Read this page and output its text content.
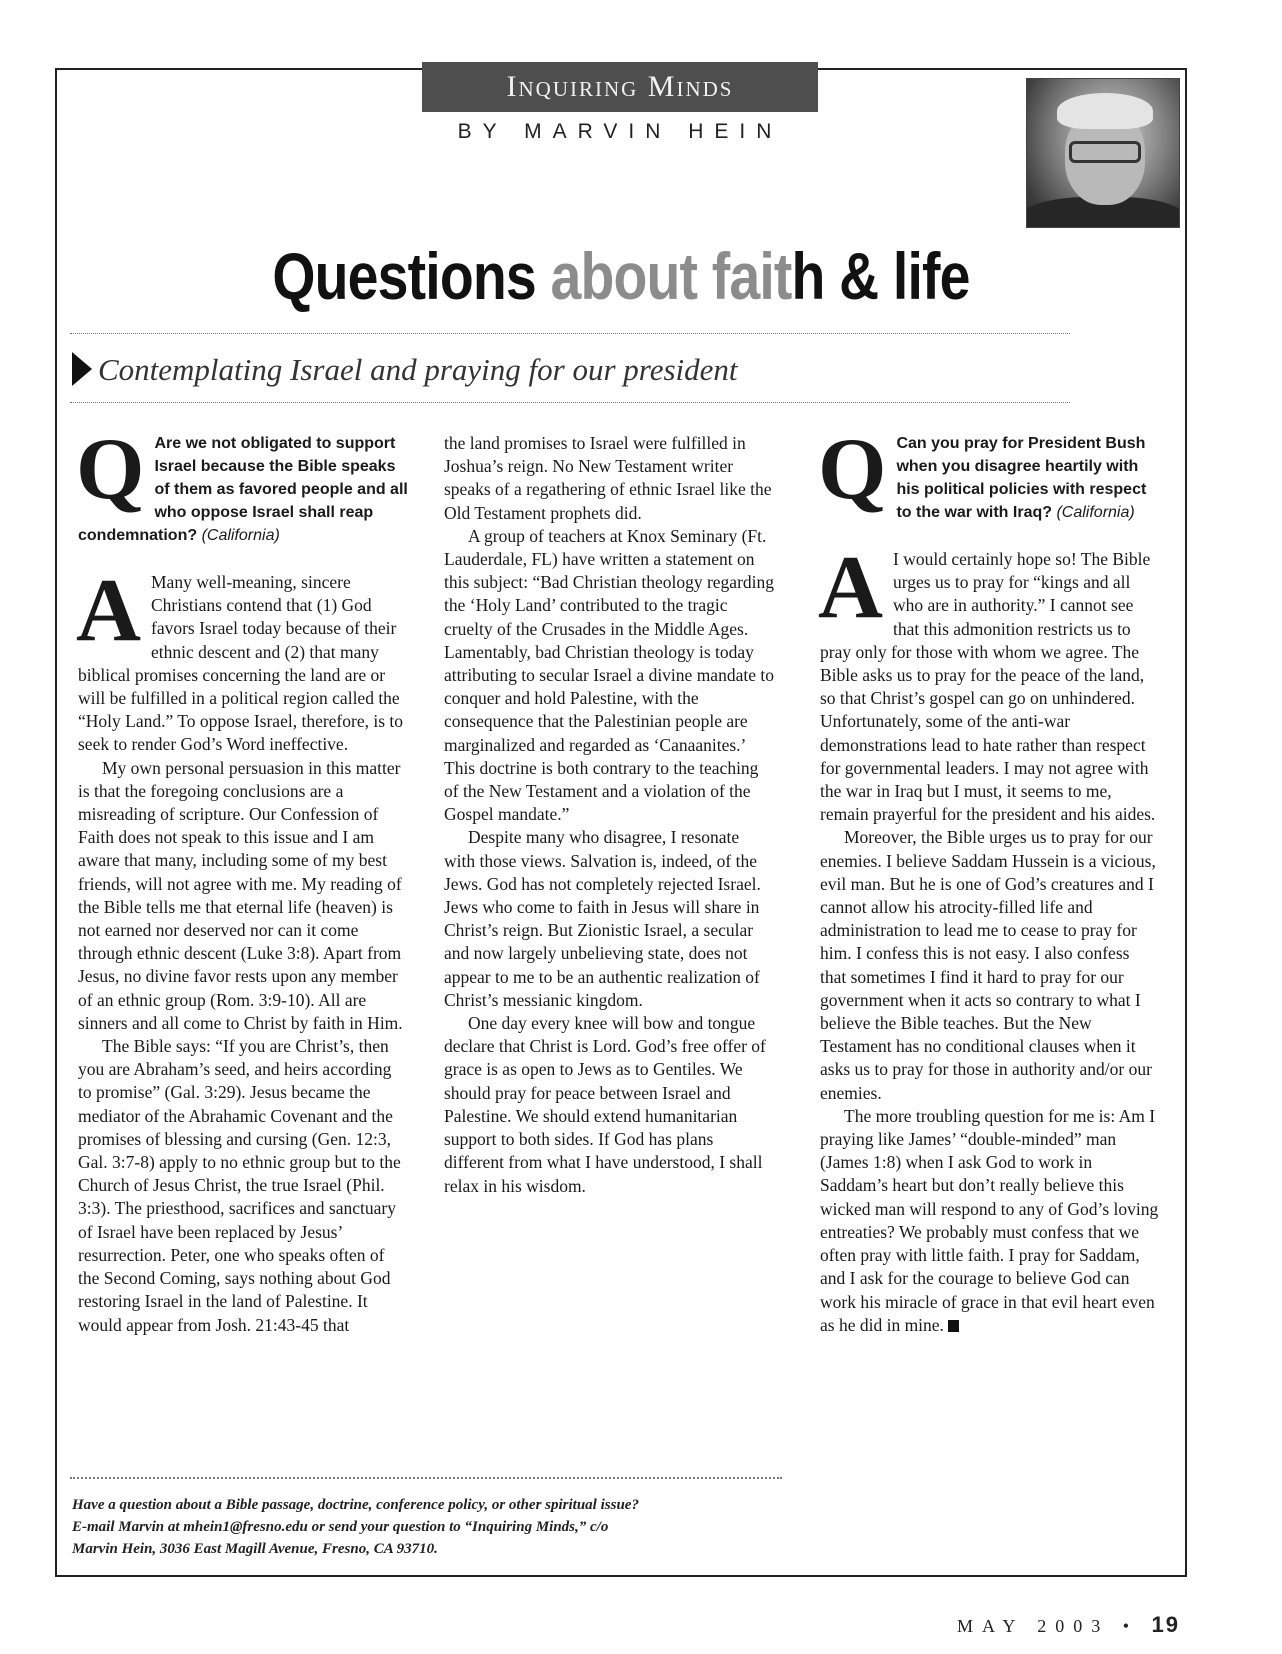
Inquiring Minds
BY MARVIN HEIN
Questions about faith & life
Contemplating Israel and praying for our president
Q Are we not obligated to support Israel because the Bible speaks of them as favored people and all who oppose Israel shall reap condemnation? (California)

A Many well-meaning, sincere Christians contend that (1) God favors Israel today because of their ethnic descent and (2) that many biblical promises concerning the land are or will be fulfilled in a political region called the “Holy Land.” To oppose Israel, therefore, is to seek to render God’s Word ineffective.

My own personal persuasion in this matter is that the foregoing conclusions are a misreading of scripture. Our Confession of Faith does not speak to this issue and I am aware that many, including some of my best friends, will not agree with me. My reading of the Bible tells me that eternal life (heaven) is not earned nor deserved nor can it come through ethnic descent (Luke 3:8). Apart from Jesus, no divine favor rests upon any member of an ethnic group (Rom. 3:9-10). All are sinners and all come to Christ by faith in Him.

The Bible says: “If you are Christ’s, then you are Abraham’s seed, and heirs according to promise” (Gal. 3:29). Jesus became the mediator of the Abrahamic Covenant and the promises of blessing and cursing (Gen. 12:3, Gal. 3:7-8) apply to no ethnic group but to the Church of Jesus Christ, the true Israel (Phil. 3:3). The priesthood, sacrifices and sanctuary of Israel have been replaced by Jesus’ resurrection. Peter, one who speaks often of the Second Coming, says nothing about God restoring Israel in the land of Palestine. It would appear from Josh. 21:43-45 that

the land promises to Israel were fulfilled in Joshua’s reign. No New Testament writer speaks of a regathering of ethnic Israel like the Old Testament prophets did.

A group of teachers at Knox Seminary (Ft. Lauderdale, FL) have written a statement on this subject: “Bad Christian theology regarding the ‘Holy Land’ contributed to the tragic cruelty of the Crusades in the Middle Ages. Lamentably, bad Christian theology is today attributing to secular Israel a divine mandate to conquer and hold Palestine, with the consequence that the Palestinian people are marginalized and regarded as ‘Canaanites.’ This doctrine is both contrary to the teaching of the New Testament and a violation of the Gospel mandate.”

Despite many who disagree, I resonate with those views. Salvation is, indeed, of the Jews. God has not completely rejected Israel. Jews who come to faith in Jesus will share in Christ’s reign. But Zionistic Israel, a secular and now largely unbelieving state, does not appear to me to be an authentic realization of Christ’s messianic kingdom.

One day every knee will bow and tongue declare that Christ is Lord. God’s free offer of grace is as open to Jews as to Gentiles. We should pray for peace between Israel and Palestine. We should extend humanitarian support to both sides. If God has plans different from what I have understood, I shall relax in his wisdom.

Q Can you pray for President Bush when you disagree heartily with his political policies with respect to the war with Iraq? (California)

A I would certainly hope so! The Bible urges us to pray for “kings and all who are in authority.” I cannot see that this admonition restricts us to pray only for those with whom we agree. The Bible asks us to pray for the peace of the land, so that Christ’s gospel can go on unhindered. Unfortunately, some of the anti-war demonstrations lead to hate rather than respect for governmental leaders. I may not agree with the war in Iraq but I must, it seems to me, remain prayerful for the president and his aides.

Moreover, the Bible urges us to pray for our enemies. I believe Saddam Hussein is a vicious, evil man. But he is one of God’s creatures and I cannot allow his atrocity-filled life and administration to lead me to cease to pray for him. I confess this is not easy. I also confess that sometimes I find it hard to pray for our government when it acts so contrary to what I believe the Bible teaches. But the New Testament has no conditional clauses when it asks us to pray for those in authority and/or our enemies.

The more troubling question for me is: Am I praying like James’ “double-minded” man (James 1:8) when I ask God to work in Saddam’s heart but don’t really believe this wicked man will respond to any of God’s loving entreaties? We probably must confess that we often pray with little faith. I pray for Saddam, and I ask for the courage to believe God can work his miracle of grace in that evil heart even as he did in mine.

Have a question about a Bible passage, doctrine, conference policy, or other spiritual issue?
E-mail Marvin at mhein1@fresno.edu or send your question to “Inquiring Minds,” c/o
Marvin Hein, 3036 East Magill Avenue, Fresno, CA 93710.
MAY 2003 • 19
